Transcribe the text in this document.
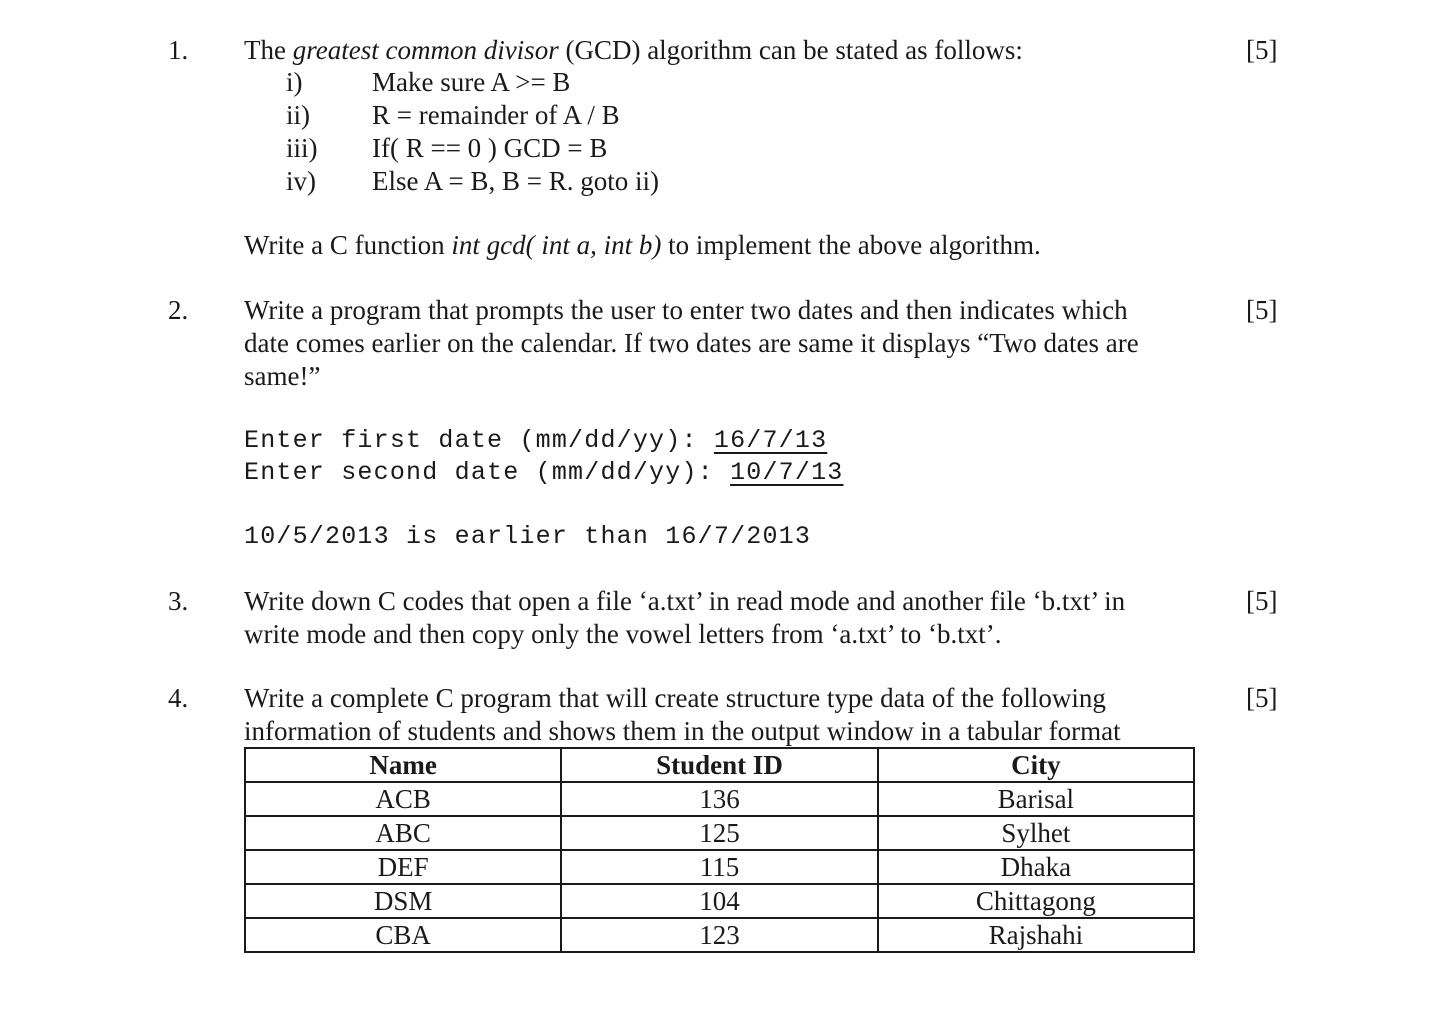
1.	[5]
The greatest common divisor (GCD) algorithm can be stated as follows:
i)	Make sure A >= B
ii) R = remainder of A / B
iii) If( R == 0 ) GCD = B
iv) Else A = B, B = R. goto ii)
Write a C function int gcd( int a, int b) to implement the above algorithm.
2.	[5]
Write a program that prompts the user to enter two dates and then indicates which
date comes earlier on the calendar. If two dates are same it displays “Two dates are
same!”
Enter first date (mm/dd/yy): 16/7/13
Enter second date (mm/dd/yy): 10/7/13
10/5/2013 is earlier than 16/7/2013
3.	[5]
Write down C codes that open a file ‘a.txt’ in read mode and another file ‘b.txt’ in
write mode and then copy only the vowel letters from ‘a.txt’ to ‘b.txt’.
4.	[5]
Write a complete C program that will create structure type data of the following
information of students and shows them in the output window in a tabular format
Name	Student ID	City
ACB	136	Barisal
ABC	125	Sylhet
DEF	115	Dhaka
DSM	104	Chittagong
CBA	123	Rajshahi
